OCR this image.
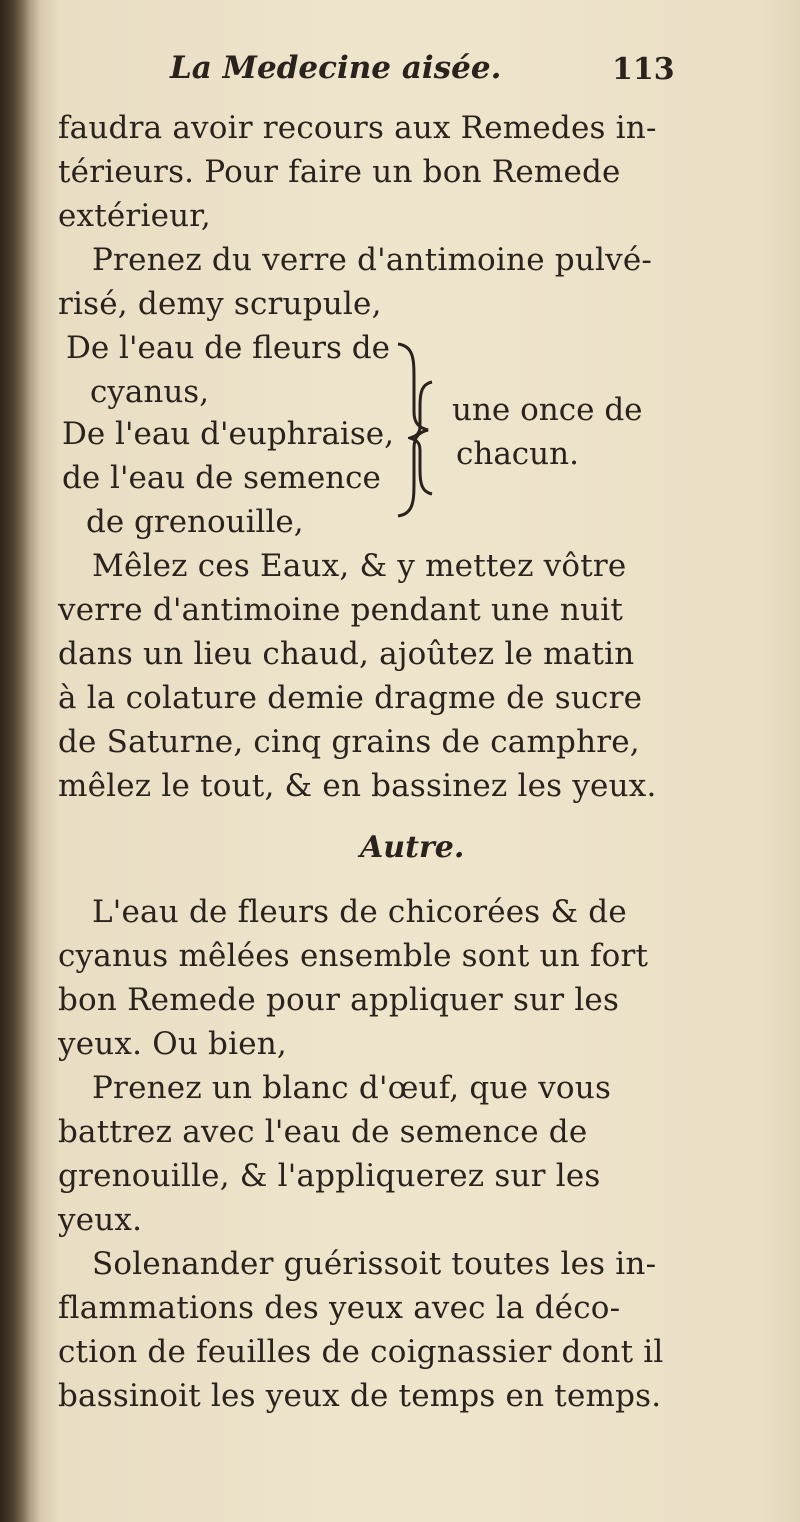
La Medecine aisée.	113
faudra avoir recours aux Remedes in-
térieurs. Pour faire un bon Remede
extérieur,
Prenez du verre d'antimoine pulvé-
risé, demy scrupule,
De l'eau de fleurs de
cyanus,
De l'eau d'euphraise,
de l'eau de semence
de grenouille,
une once de
chacun.
Mêlez ces Eaux, & y mettez vôtre
verre d'antimoine pendant une nuit
dans un lieu chaud, ajoûtez le matin
à la colature demie dragme de sucre
de Saturne, cinq grains de camphre,
mêlez le tout, & en bassinez les yeux.
Autre.
L'eau de fleurs de chicorées & de
cyanus mêlées ensemble sont un fort
bon Remede pour appliquer sur les
yeux. Ou bien,
Prenez un blanc d'œuf, que vous
battrez avec l'eau de semence de
grenouille, & l'appliquerez sur les
yeux.
Solenander guérissoit toutes les in-
flammations des yeux avec la déco-
ction de feuilles de coignassier dont il
bassinoit les yeux de temps en temps.
